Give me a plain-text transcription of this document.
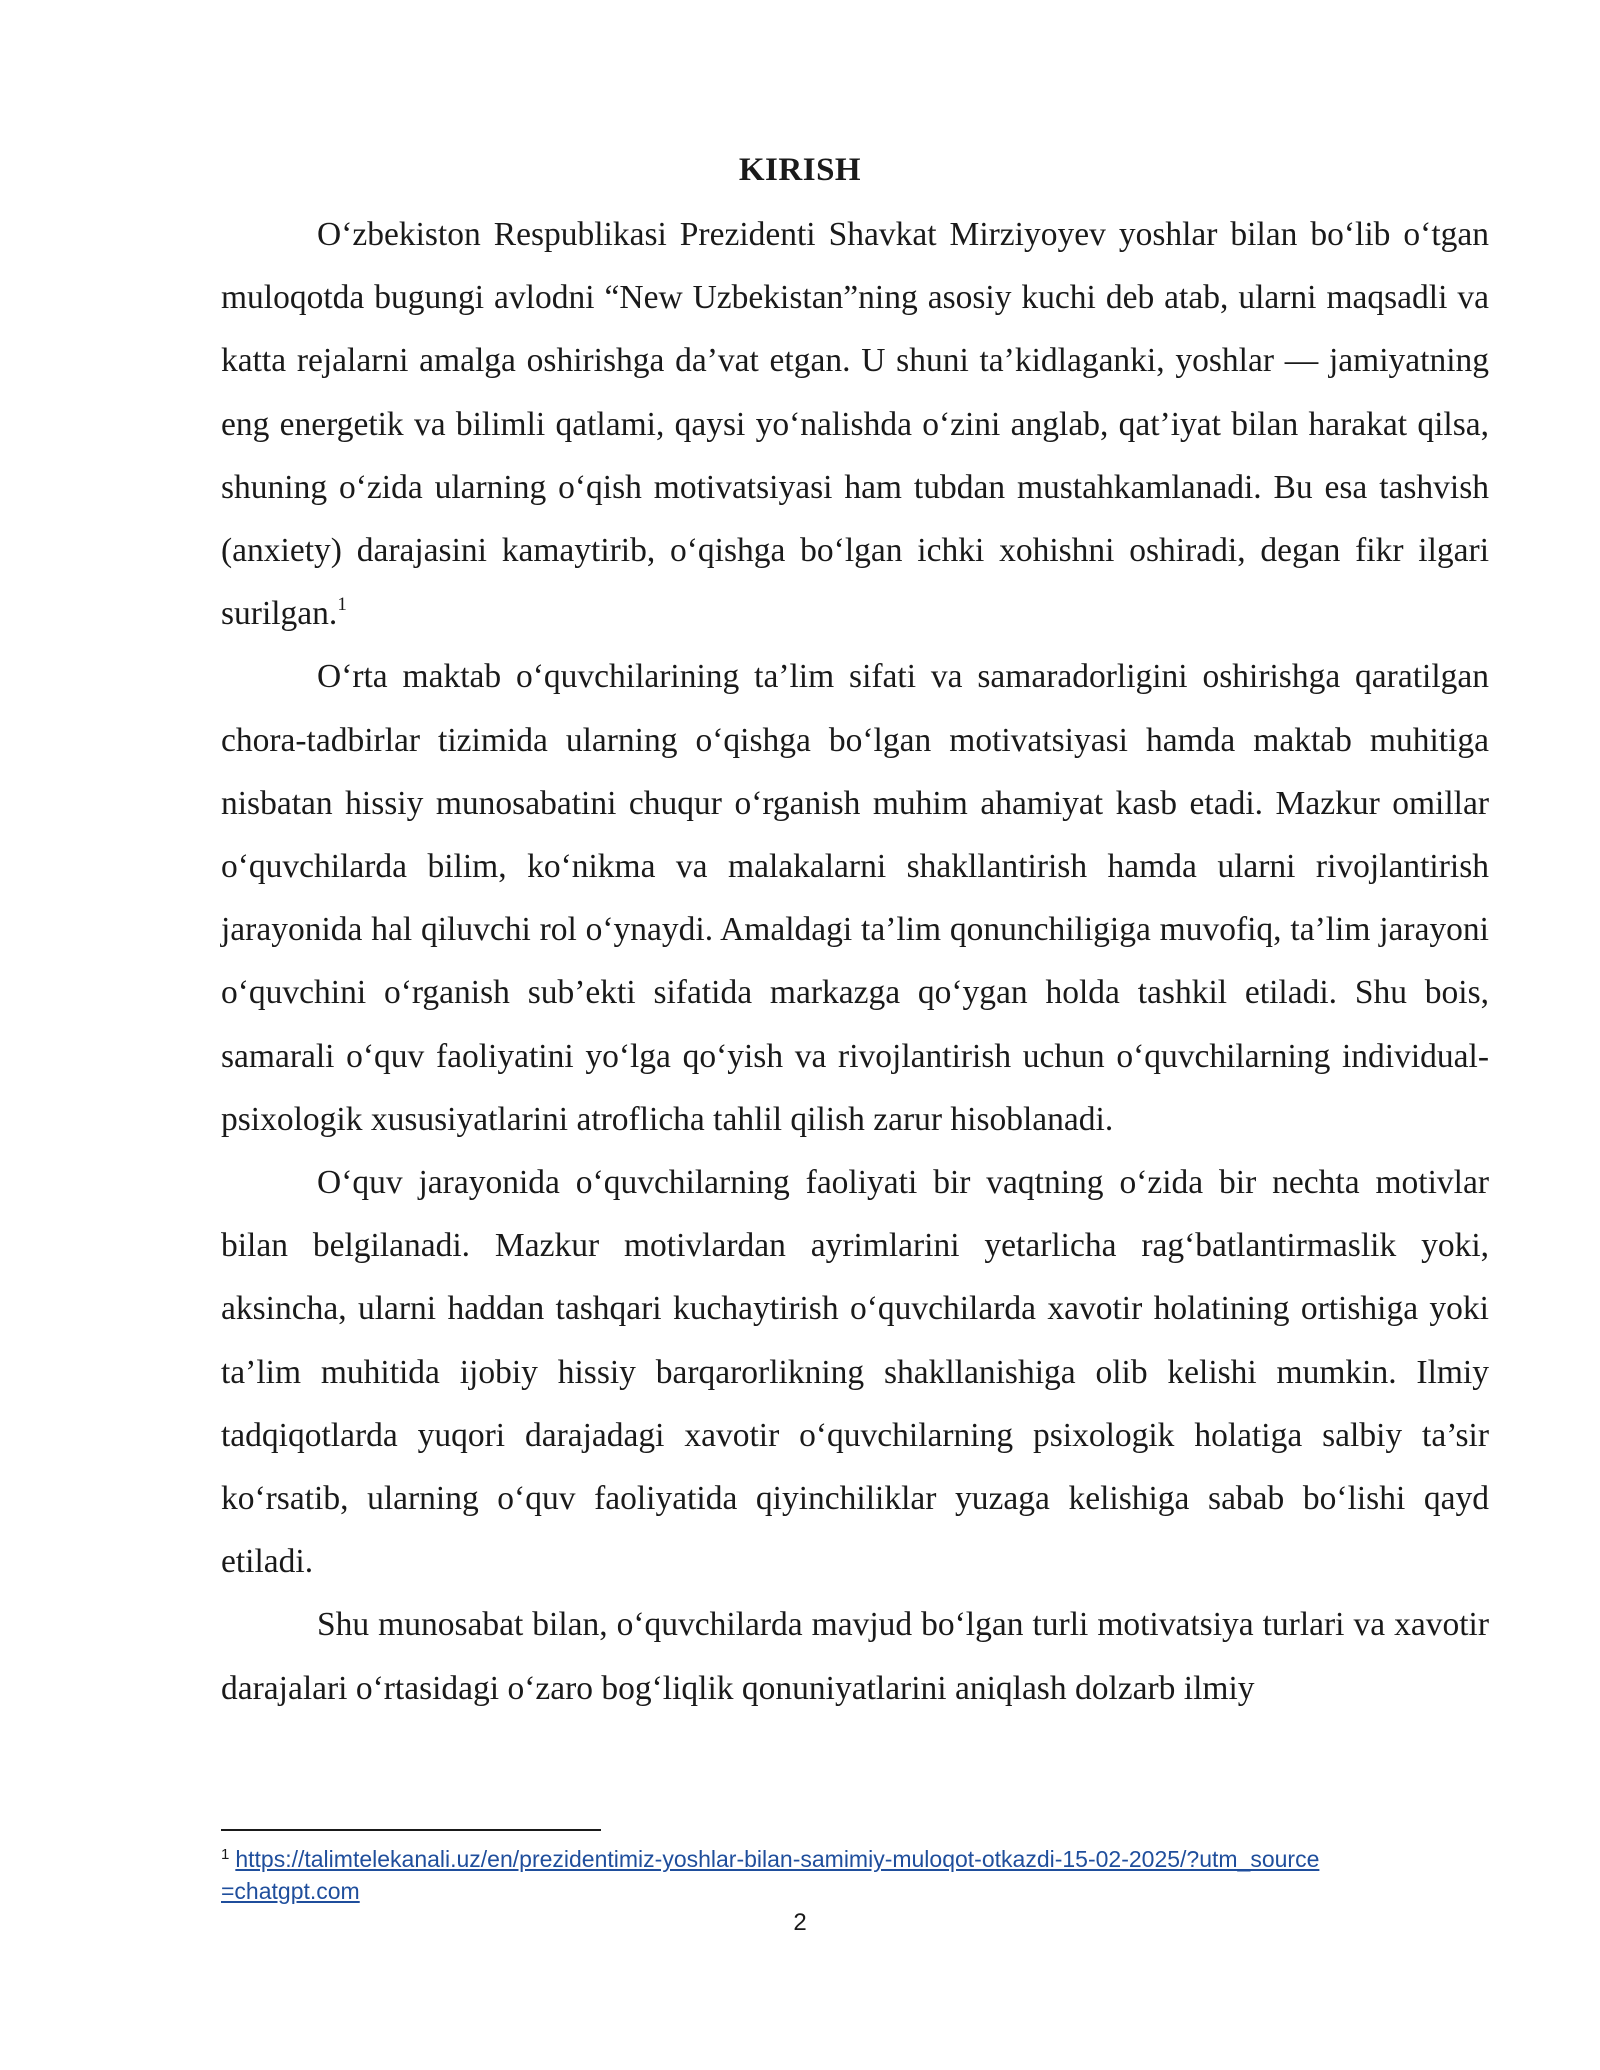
KIRISH

O‘zbekiston Respublikasi Prezidenti Shavkat Mirziyoyev yoshlar bilan bo‘lib o‘tgan muloqotda bugungi avlodni “New Uzbekistan”ning asosiy kuchi deb atab, ularni maqsadli va katta rejalarni amalga oshirishga da’vat etgan. U shuni ta’kidlaganki, yoshlar — jamiyatning eng energetik va bilimli qatlami, qaysi yo‘nalishda o‘zini anglab, qat’iyat bilan harakat qilsa, shuning o‘zida ularning o‘qish motivatsiyasi ham tubdan mustahkamlanadi. Bu esa tashvish (anxiety) darajasini kamaytirib, o‘qishga bo‘lgan ichki xohishni oshiradi, degan fikr ilgari surilgan.$^1$

O‘rta maktab o‘quvchilarining ta’lim sifati va samaradorligini oshirishga qaratilgan chora-tadbirlar tizimida ularning o‘qishga bo‘lgan motivatsiyasi hamda maktab muhitiga nisbatan hissiy munosabatini chuqur o‘rganish muhim ahamiyat kasb etadi. Mazkur omillar o‘quvchilarda bilim, ko‘nikma va malakalarni shakllantirish hamda ularni rivojlantirish jarayonida hal qiluvchi rol o‘ynaydi. Amaldagi ta’lim qonunchiligiga muvofiq, ta’lim jarayoni o‘quvchini o‘rganish sub’ekti sifatida markazga qo‘ygan holda tashkil etiladi. Shu bois, samarali o‘quv faoliyatini yo‘lga qo‘yish va rivojlantirish uchun o‘quvchilarning individual-psixologik xususiyatlarini atroflicha tahlil qilish zarur hisoblanadi.

O‘quv jarayonida o‘quvchilarning faoliyati bir vaqtning o‘zida bir nechta motivlar bilan belgilanadi. Mazkur motivlardan ayrimlarini yetarlicha rag‘batlantirmaslik yoki, aksincha, ularni haddan tashqari kuchaytirish o‘quvchilarda xavotir holatining ortishiga yoki ta’lim muhitida ijobiy hissiy barqarorlikning shakllanishiga olib kelishi mumkin. Ilmiy tadqiqotlarda yuqori darajadagi xavotir o‘quvchilarning psixologik holatiga salbiy ta’sir ko‘rsatib, ularning o‘quv faoliyatida qiyinchiliklar yuzaga kelishiga sabab bo‘lishi qayd etiladi.

Shu munosabat bilan, o‘quvchilarda mavjud bo‘lgan turli motivatsiya turlari va xavotir darajalari o‘rtasidagi o‘zaro bog‘liqlik qonuniyatlarini aniqlash dolzarb ilmiy

$^1$ https://talimtelekanali.uz/en/prezidentimiz-yoshlar-bilan-samimiy-muloqot-otkazdi-15-02-2025/?utm_source=chatgpt.com
2
